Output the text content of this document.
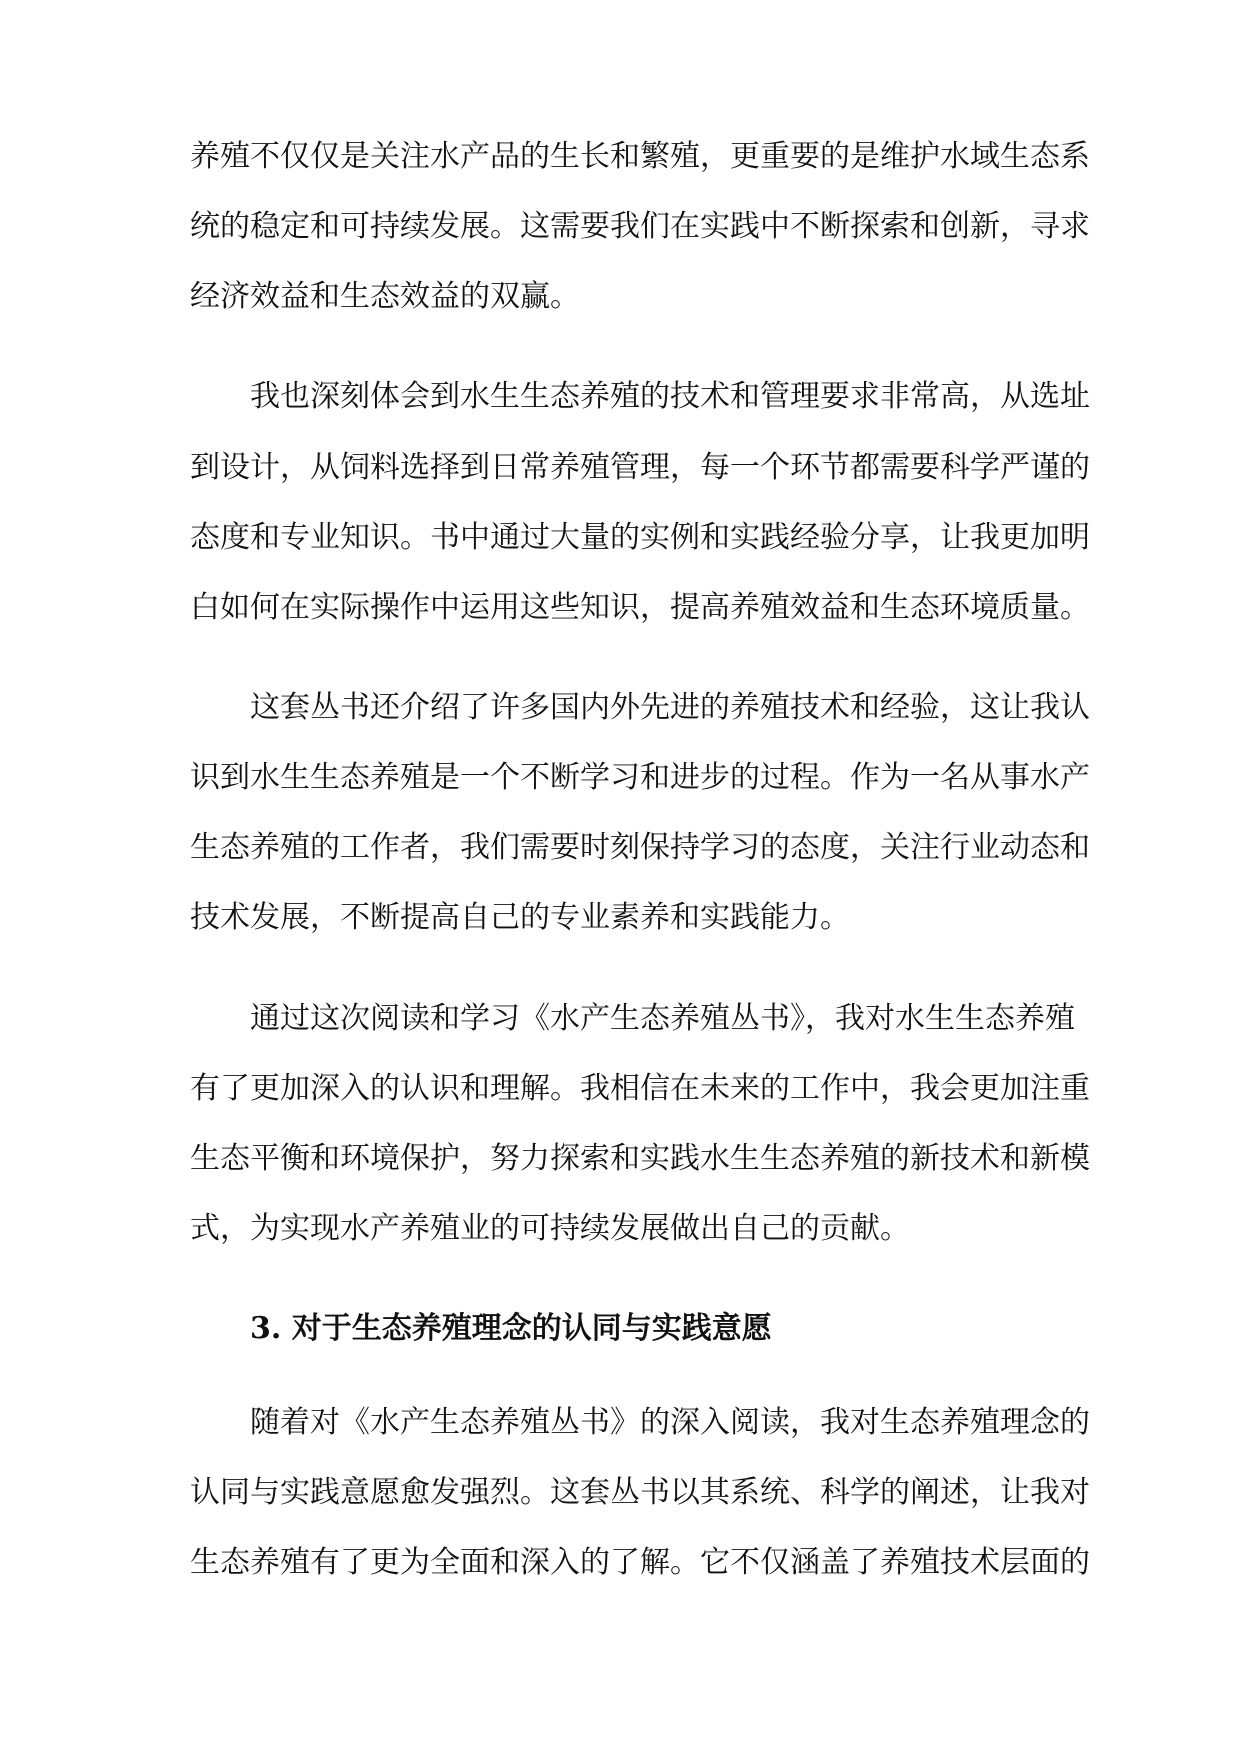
养殖不仅仅是关注水产品的生长和繁殖，更重要的是维护水域生态系
统的稳定和可持续发展。这需要我们在实践中不断探索和创新，寻求
经济效益和生态效益的双赢。
我也深刻体会到水生生态养殖的技术和管理要求非常高，从选址
到设计，从饲料选择到日常养殖管理，每一个环节都需要科学严谨的
态度和专业知识。书中通过大量的实例和实践经验分享，让我更加明
白如何在实际操作中运用这些知识，提高养殖效益和生态环境质量。
这套丛书还介绍了许多国内外先进的养殖技术和经验，这让我认
识到水生生态养殖是一个不断学习和进步的过程。作为一名从事水产
生态养殖的工作者，我们需要时刻保持学习的态度，关注行业动态和
技术发展，不断提高自己的专业素养和实践能力。
通过这次阅读和学习《水产生态养殖丛书》，我对水生生态养殖
有了更加深入的认识和理解。我相信在未来的工作中，我会更加注重
生态平衡和环境保护，努力探索和实践水生生态养殖的新技术和新模
式，为实现水产养殖业的可持续发展做出自己的贡献。
3. 对于生态养殖理念的认同与实践意愿
随着对《水产生态养殖丛书》的深入阅读，我对生态养殖理念的
认同与实践意愿愈发强烈。这套丛书以其系统、科学的阐述，让我对
生态养殖有了更为全面和深入的了解。它不仅涵盖了养殖技术层面的
